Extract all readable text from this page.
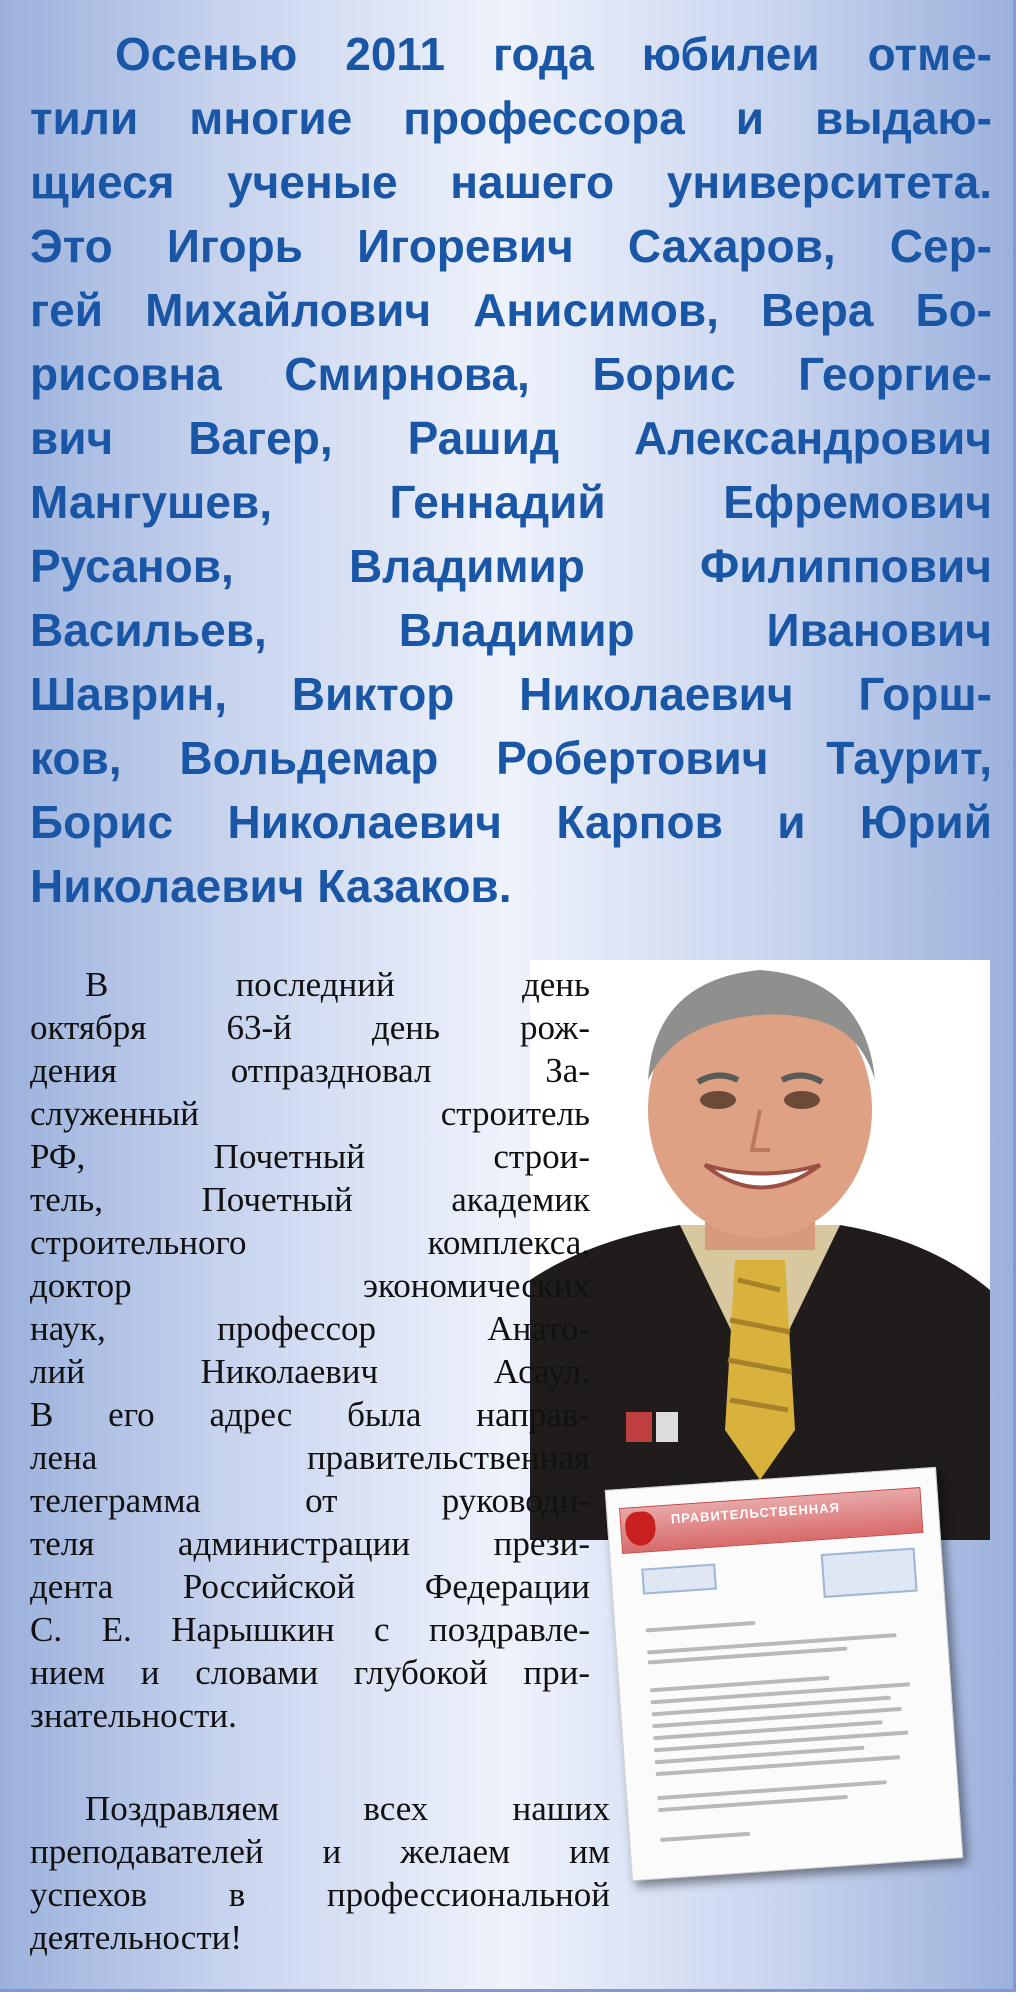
Осенью 2011 года юбилеи отме-
тили многие профессора и выдаю-
щиеся ученые нашего университета.
Это Игорь Игоревич Сахаров, Сер-
гей Михайлович Анисимов, Вера Бо-
рисовна Смирнова, Борис Георгие-
вич Вагер, Рашид Александрович
Мангушев, Геннадий Ефремович
Русанов, Владимир Филиппович
Васильев, Владимир Иванович
Шаврин, Виктор Николаевич Горш-
ков, Вольдемар Робертович Таурит,
Борис Николаевич Карпов и Юрий
Николаевич Казаков.

В последний день
октября 63-й день рож-
дения отпраздновал За-
служенный строитель
РФ, Почетный строи-
тель, Почетный академик
строительного комплекса,
доктор экономических
наук, профессор Анато-
лий Николаевич Асаул.
В его адрес была направ-
лена правительственная
телеграмма от руководи-
теля администрации прези-
дента Российской Федерации
С. Е. Нарышкин с поздравле-
нием и словами глубокой при-
знательности.

Поздравляем всех наших
преподавателей и желаем им
успехов в профессиональной
деятельности!

ПРАВИТЕЛЬСТВЕННАЯ
